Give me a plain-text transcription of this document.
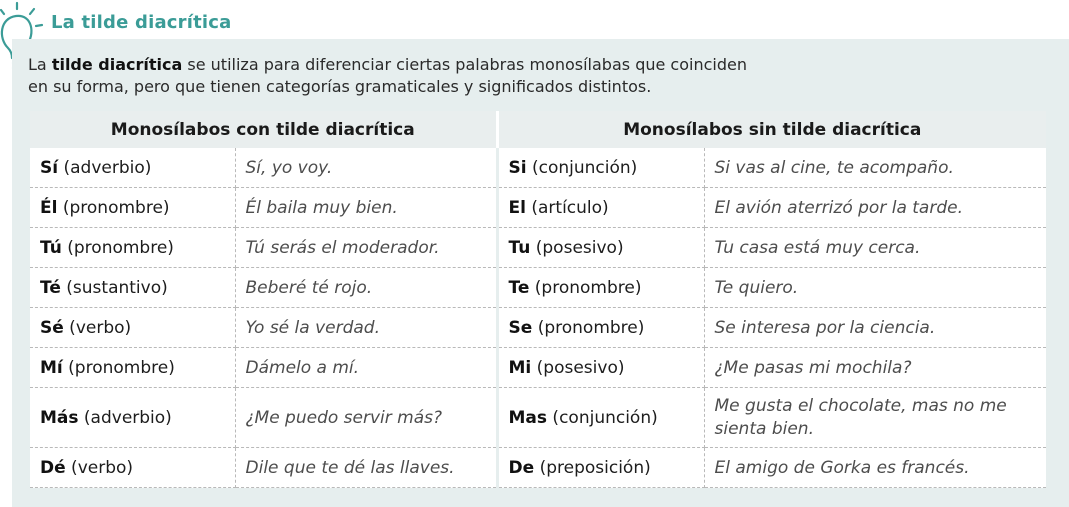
La tilde diacrítica

La tilde diacrítica se utiliza para diferenciar ciertas palabras monosílabas que coinciden
en su forma, pero que tienen categorías gramaticales y significados distintos.

Monosílabos con tilde diacrítica		Monosílabos sin tilde diacrítica	
Sí (adverbio)	Sí, yo voy.	Si (conjunción)	Si vas al cine, te acompaño.
Él (pronombre)	Él baila muy bien.	El (artículo)	El avión aterrizó por la tarde.
Tú (pronombre)	Tú serás el moderador.	Tu (posesivo)	Tu casa está muy cerca.
Té (sustantivo)	Beberé té rojo.	Te (pronombre)	Te quiero.
Sé (verbo)	Yo sé la verdad.	Se (pronombre)	Se interesa por la ciencia.
Mí (pronombre)	Dámelo a mí.	Mi (posesivo)	¿Me pasas mi mochila?
Más (adverbio)	¿Me puedo servir más?	Mas (conjunción)	Me gusta el chocolate, mas no me sienta bien.
Dé (verbo)	Dile que te dé las llaves.	De (preposición)	El amigo de Gorka es francés.
